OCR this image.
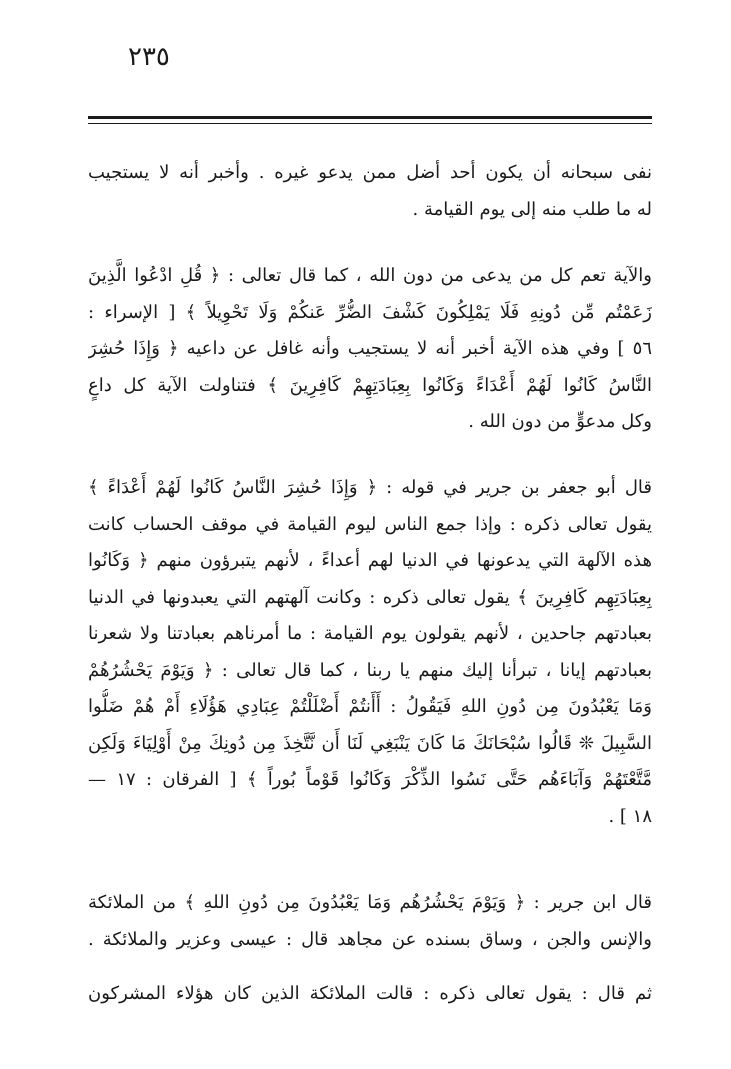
٢٣٥
نفى سبحانه أن يكون أحد أضل ممن يدعو غيره . وأخبر أنه لا يستجيب
له ما طلب منه إلى يوم القيامة .
والآية تعم كل من يدعى من دون الله ، كما قال تعالى : ﴿ قُلِ ادْعُوا الَّذِينَ
زَعَمْتُم مِّن دُونِهِ فَلَا يَمْلِكُونَ كَشْفَ الضُّرِّ عَنكُمْ وَلَا تَحْوِيلاً ﴾ [ الإسراء :
٥٦ ] وفي هذه الآية أخبر أنه لا يستجيب وأنه غافل عن داعيه ﴿ وَإِذَا حُشِرَ
النَّاسُ كَانُوا لَهُمْ أَعْدَاءً وَكَانُوا بِعِبَادَتِهِمْ كَافِرِينَ ﴾ فتناولت الآية كل داعٍ
وكل مدعوٍّ من دون الله .
قال أبو جعفر بن جرير في قوله : ﴿ وَإِذَا حُشِرَ النَّاسُ كَانُوا لَهُمْ أَعْدَاءً ﴾
يقول تعالى ذكره : وإذا جمع الناس ليوم القيامة في موقف الحساب كانت
هذه الآلهة التي يدعونها في الدنيا لهم أعداءً ، لأنهم يتبرؤون منهم ﴿ وَكَانُوا
بِعِبَادَتِهِم كَافِرِينَ ﴾ يقول تعالى ذكره : وكانت آلهتهم التي يعبدونها في الدنيا
بعبادتهم جاحدين ، لأنهم يقولون يوم القيامة : ما أمرناهم بعبادتنا ولا شعرنا
بعبادتهم إيانا ، تبرأنا إليك منهم يا ربنا ، كما قال تعالى : ﴿ وَيَوْمَ يَحْشُرُهُمْ
وَمَا يَعْبُدُونَ مِن دُونِ اللهِ فَيَقُولُ : أَأَنتُمْ أَضْلَلْتُمْ عِبَادِي هَؤُلَاءِ أَمْ هُمْ ضَلُّوا
السَّبِيلَ ❊ قَالُوا سُبْحَانَكَ مَا كَانَ يَنْبَغِي لَنَا أَن نَّتَّخِذَ مِن دُونِكَ مِنْ أَوْلِيَاءَ وَلَكِن
مَّتَّعْتَهُمْ وَآبَاءَهُم حَتَّى نَسُوا الذِّكْرَ وَكَانُوا قَوْماً بُوراً ﴾ [ الفرقان : ١٧ —
١٨ ] .
قال ابن جرير : ﴿ وَيَوْمَ يَحْشُرُهُم وَمَا يَعْبُدُونَ مِن دُونِ اللهِ ﴾ من الملائكة
والإنس والجن ، وساق بسنده عن مجاهد قال : عيسى وعزير والملائكة .
ثم قال : يقول تعالى ذكره : قالت الملائكة الذين كان هؤلاء المشركون
